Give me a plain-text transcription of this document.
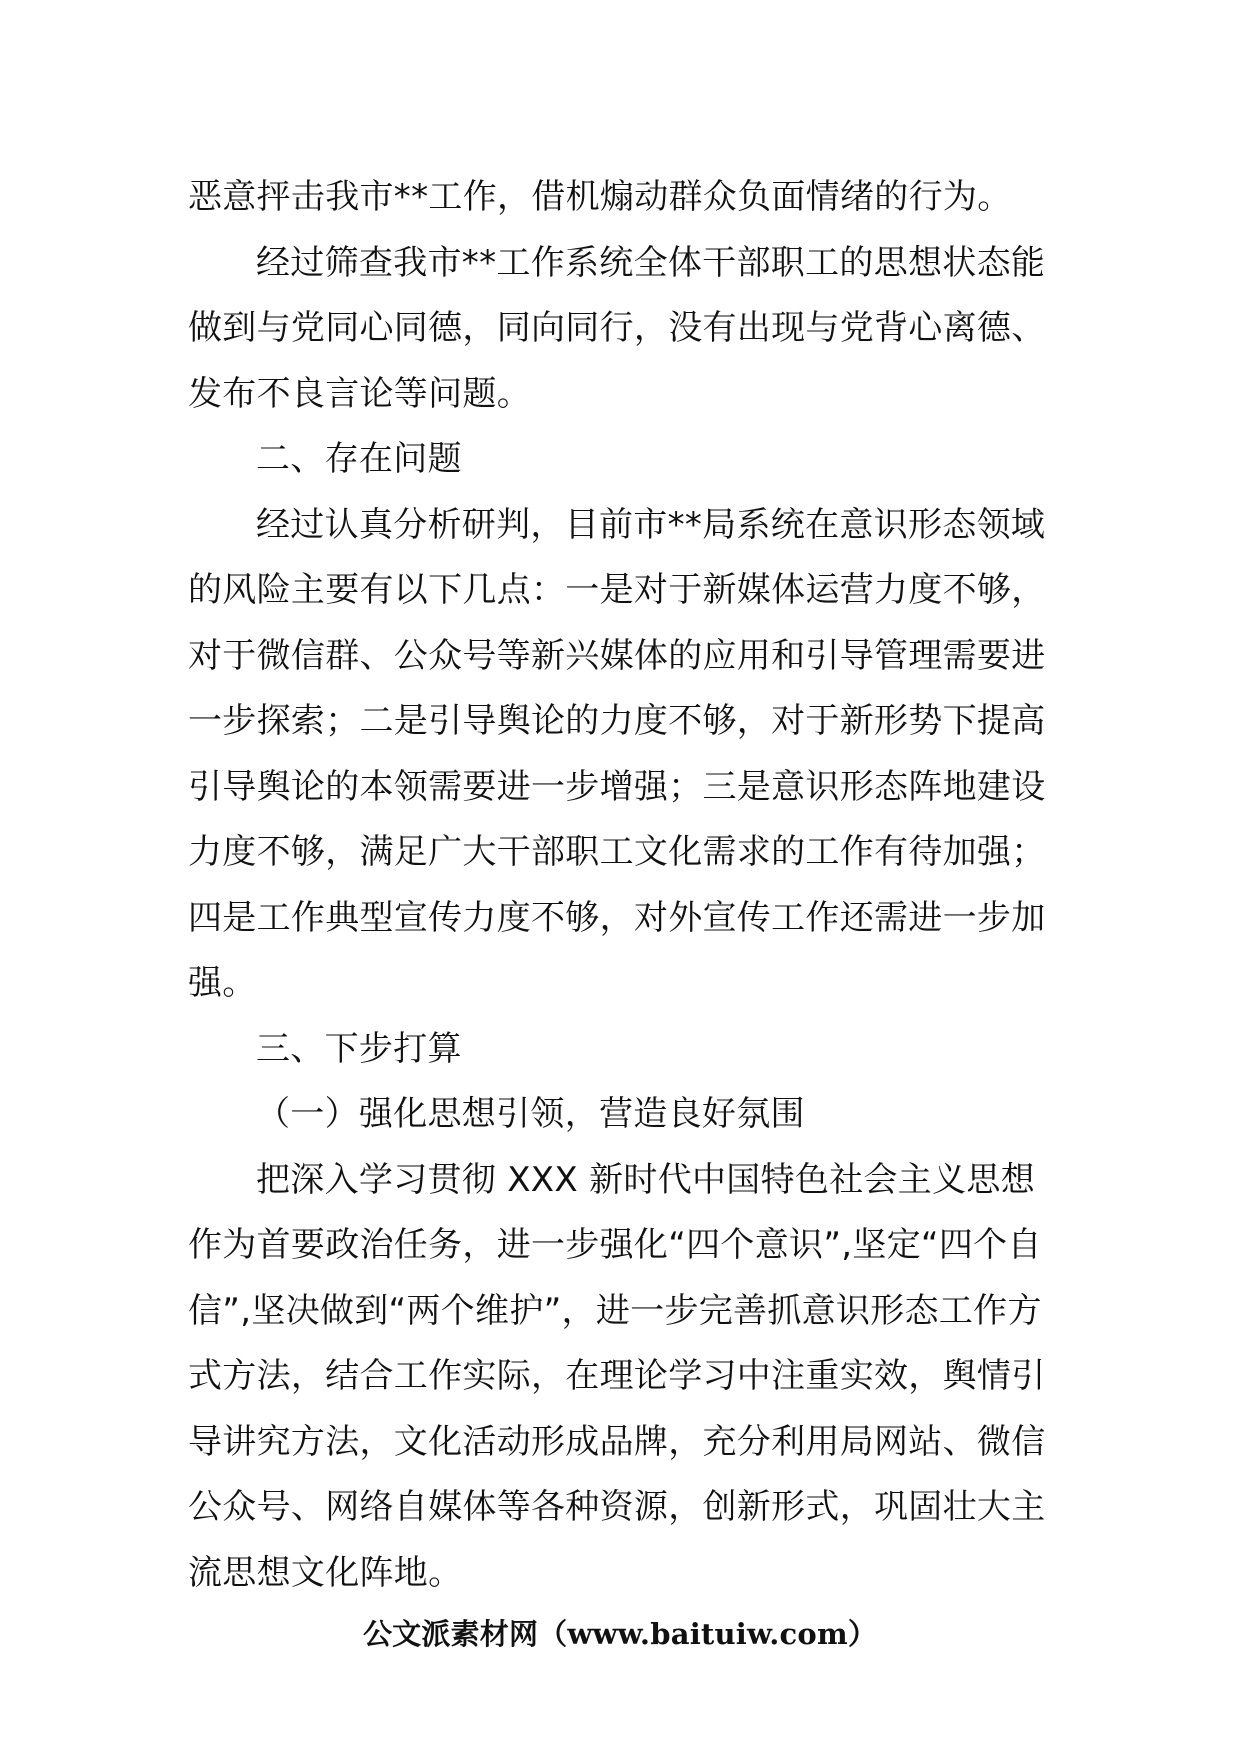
恶意抨击我市**工作，借机煽动群众负面情绪的行为。

经过筛查我市**工作系统全体干部职工的思想状态能做到与党同心同德，同向同行，没有出现与党背心离德、发布不良言论等问题。

二、存在问题

经过认真分析研判，目前市**局系统在意识形态领域的风险主要有以下几点：一是对于新媒体运营力度不够，对于微信群、公众号等新兴媒体的应用和引导管理需要进一步探索；二是引导舆论的力度不够，对于新形势下提高引导舆论的本领需要进一步增强；三是意识形态阵地建设力度不够，满足广大干部职工文化需求的工作有待加强；四是工作典型宣传力度不够，对外宣传工作还需进一步加强。

三、下步打算

（一）强化思想引领，营造良好氛围

把深入学习贯彻 XXX 新时代中国特色社会主义思想作为首要政治任务，进一步强化“四个意识”,坚定“四个自信”,坚决做到“两个维护”，进一步完善抓意识形态工作方式方法，结合工作实际，在理论学习中注重实效，舆情引导讲究方法，文化活动形成品牌，充分利用局网站、微信公众号、网络自媒体等各种资源，创新形式，巩固壮大主流思想文化阵地。

公文派素材网（www.baituiw.com）
